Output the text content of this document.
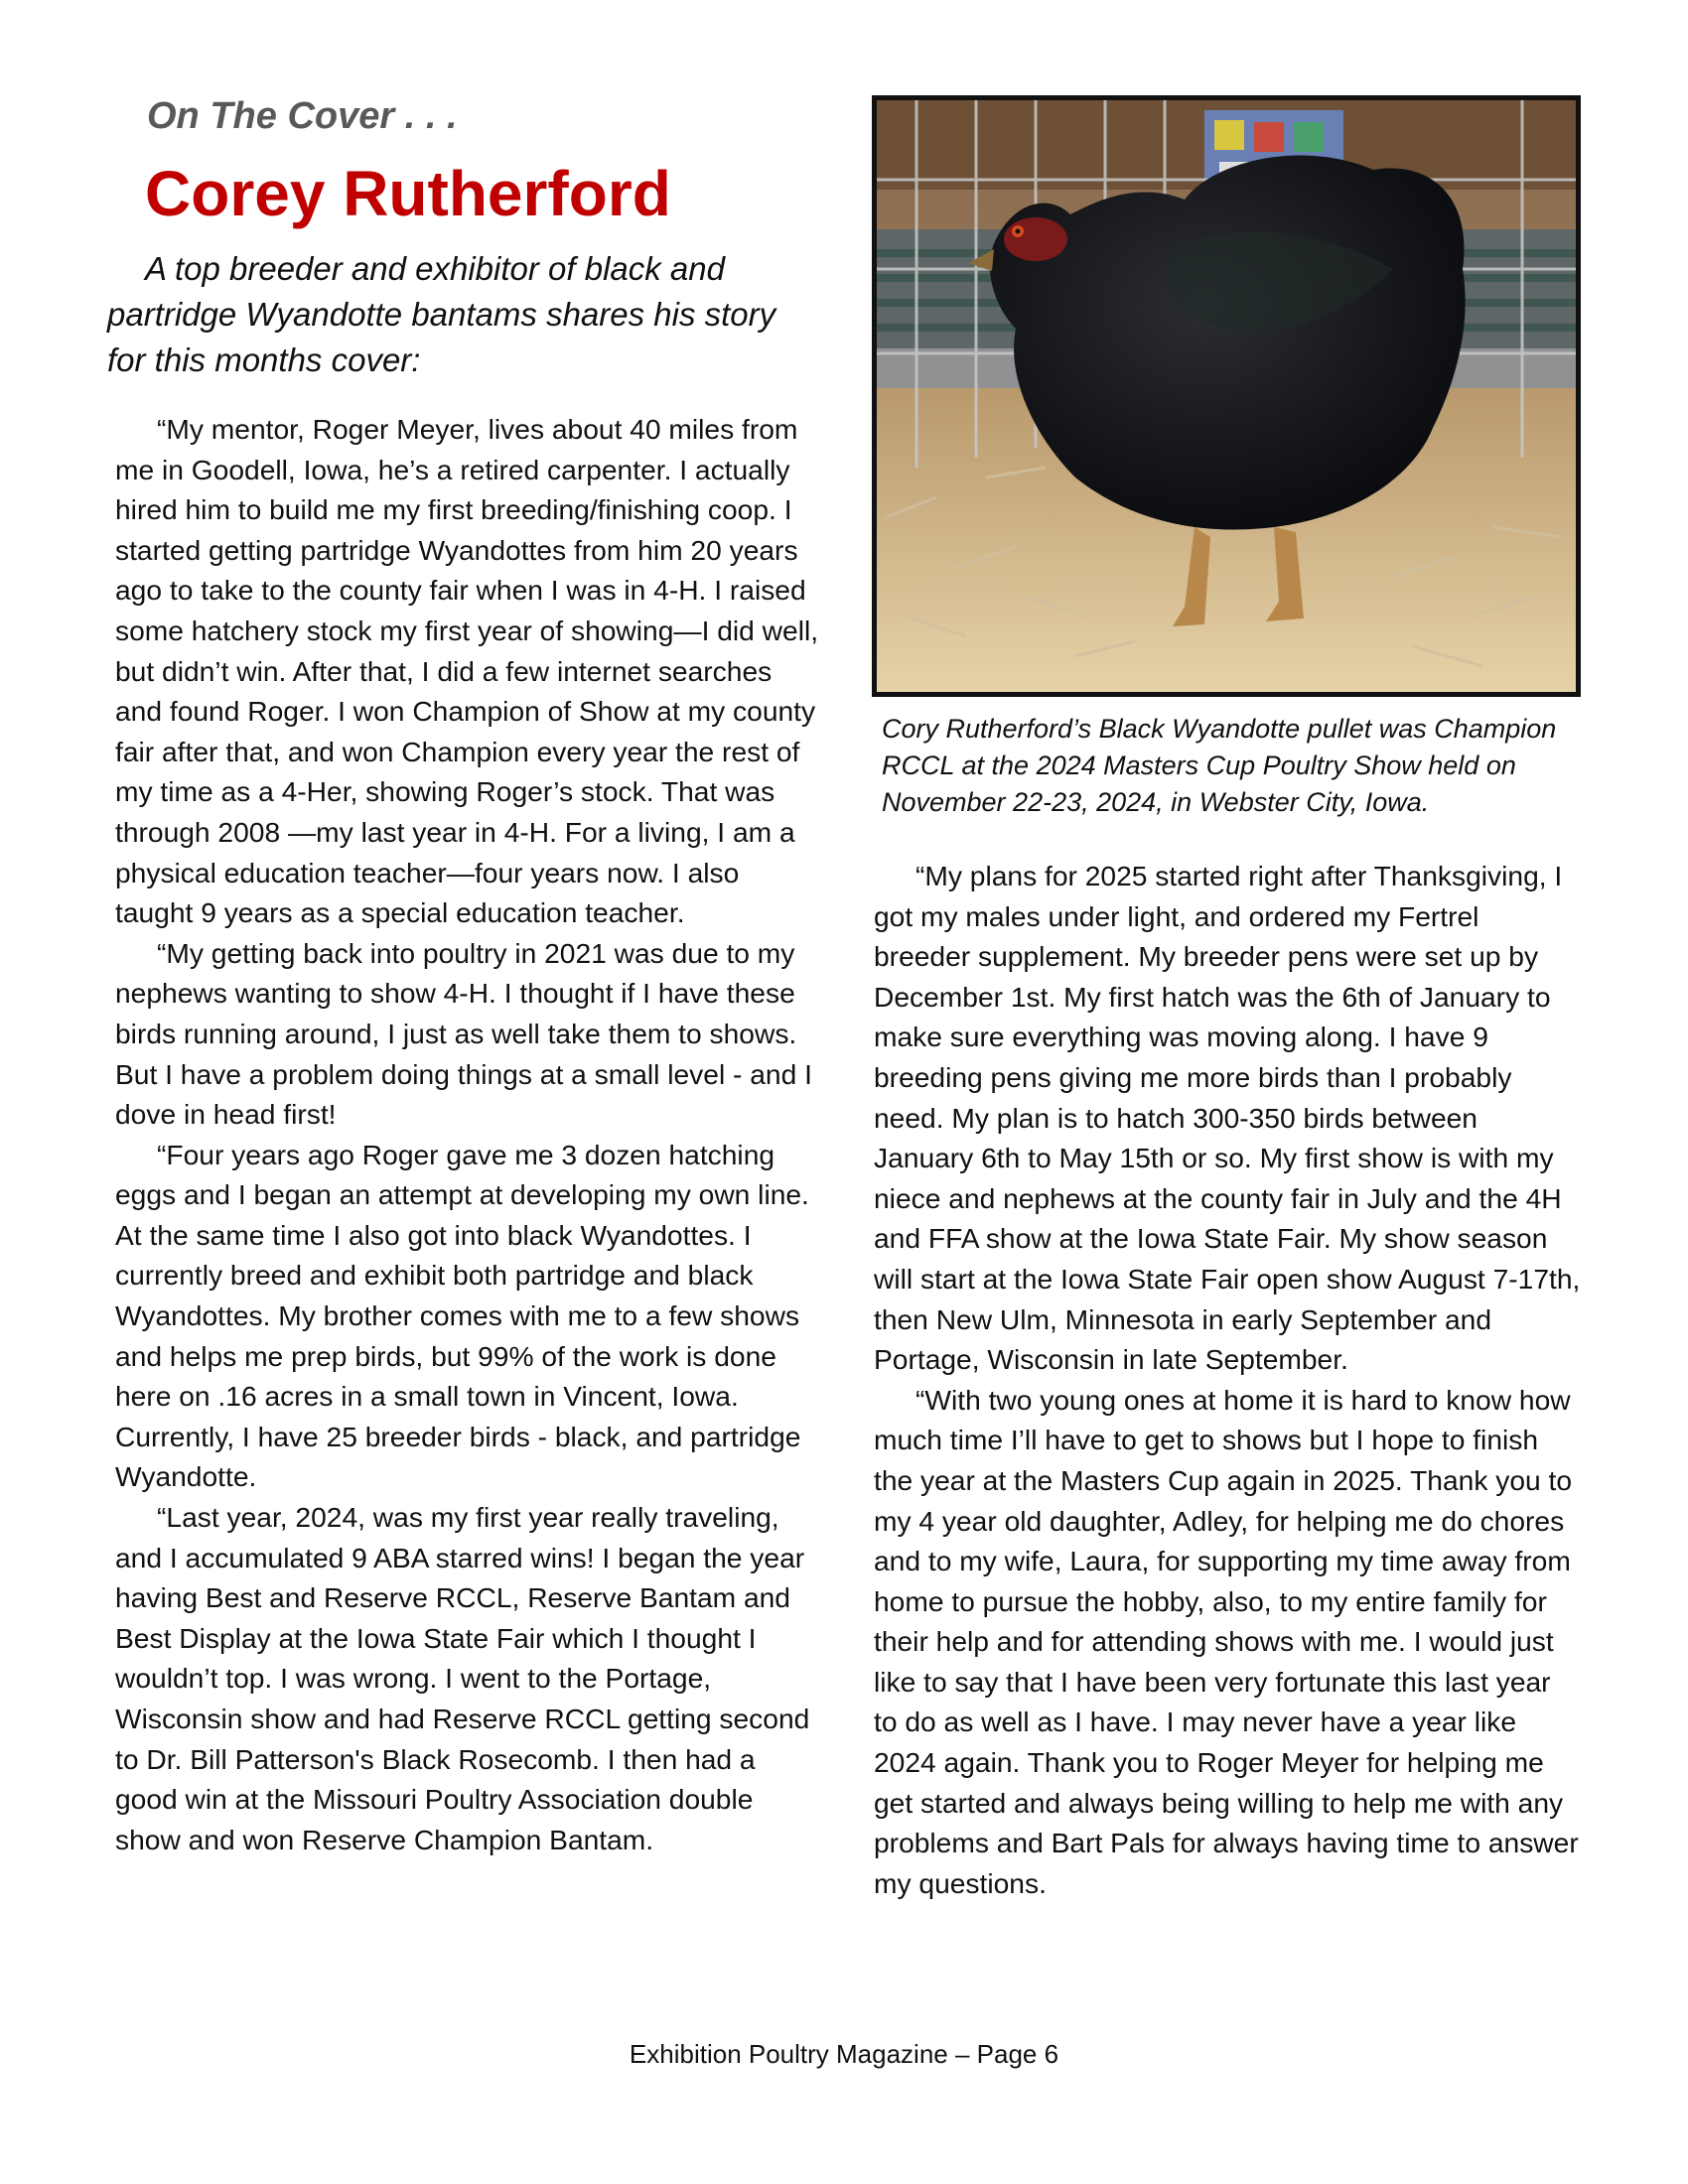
On The Cover . . .
Corey Rutherford

A top breeder and exhibitor of black and partridge Wyandotte bantams shares his story for this months cover:

“My mentor, Roger Meyer, lives about 40 miles from me in Goodell, Iowa, he’s a retired carpenter. I actually hired him to build me my first breeding/finishing coop. I started getting partridge Wyandottes from him 20 years ago to take to the county fair when I was in 4-H. I raised some hatchery stock my first year of showing—I did well, but didn’t win. After that, I did a few internet searches and found Roger. I won Champion of Show at my county fair after that, and won Champion every year the rest of my time as a 4-Her, showing Roger’s stock. That was through 2008 —my last year in 4-H. For a living, I am a physical education teacher—four years now. I also taught 9 years as a special education teacher.

“My getting back into poultry in 2021 was due to my nephews wanting to show 4-H. I thought if I have these birds running around, I just as well take them to shows. But I have a problem doing things at a small level - and I dove in head first!

“Four years ago Roger gave me 3 dozen hatching eggs and I began an attempt at developing my own line. At the same time I also got into black Wyandottes. I currently breed and exhibit both partridge and black Wyandottes. My brother comes with me to a few shows and helps me prep birds, but 99% of the work is done here on .16 acres in a small town in Vincent, Iowa. Currently, I have 25 breeder birds - black, and partridge Wyandotte.

“Last year, 2024, was my first year really traveling, and I accumulated 9 ABA starred wins! I began the year having Best and Reserve RCCL, Reserve Bantam and Best Display at the Iowa State Fair which I thought I wouldn’t top. I was wrong. I went to the Portage, Wisconsin show and had Reserve RCCL getting second to Dr. Bill Patterson's Black Rosecomb. I then had a good win at the Missouri Poultry Association double show and won Reserve Champion Bantam.

Cory Rutherford’s Black Wyandotte pullet was Champion RCCL at the 2024 Masters Cup Poultry Show held on November 22-23, 2024, in Webster City, Iowa.

“My plans for 2025 started right after Thanksgiving, I got my males under light, and ordered my Fertrel breeder supplement. My breeder pens were set up by December 1st. My first hatch was the 6th of January to make sure everything was moving along. I have 9 breeding pens giving me more birds than I probably need. My plan is to hatch 300-350 birds between January 6th to May 15th or so. My first show is with my niece and nephews at the county fair in July and the 4H and FFA show at the Iowa State Fair. My show season will start at the Iowa State Fair open show August 7-17th, then New Ulm, Minnesota in early September and Portage, Wisconsin in late September.

“With two young ones at home it is hard to know how much time I’ll have to get to shows but I hope to finish the year at the Masters Cup again in 2025. Thank you to my 4 year old daughter, Adley, for helping me do chores and to my wife, Laura, for supporting my time away from home to pursue the hobby, also, to my entire family for their help and for attending shows with me. I would just like to say that I have been very fortunate this last year to do as well as I have. I may never have a year like 2024 again. Thank you to Roger Meyer for helping me get started and always being willing to help me with any problems and Bart Pals for always having time to answer my questions.

Exhibition Poultry Magazine – Page 6
